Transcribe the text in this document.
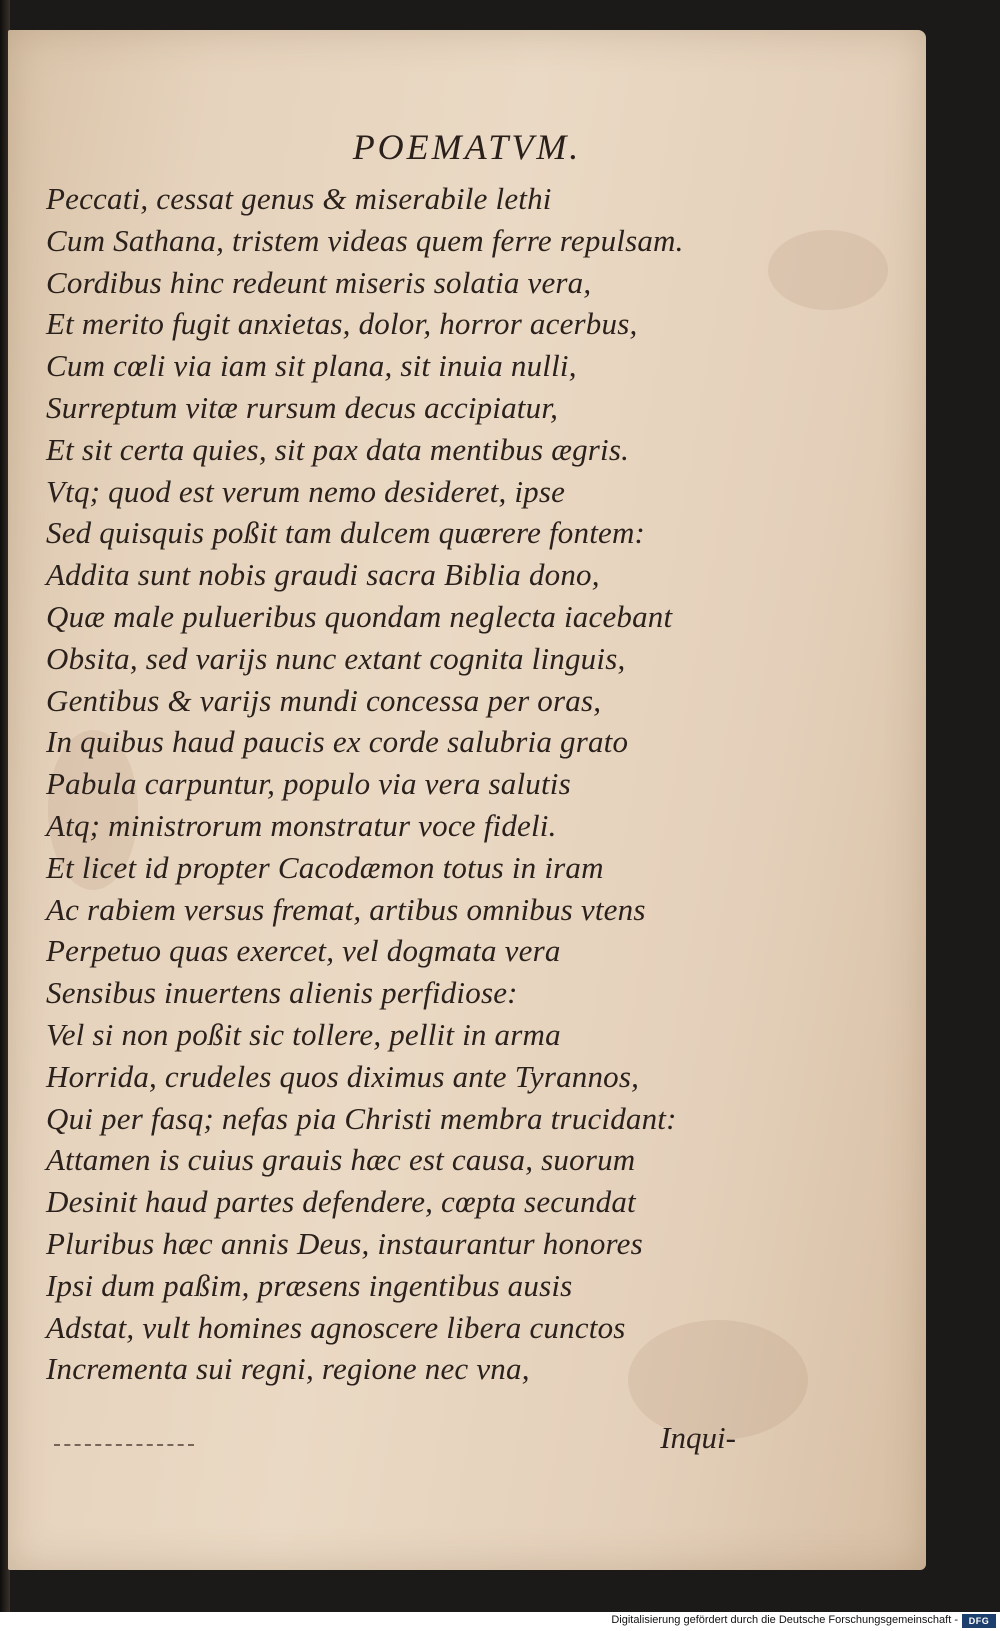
POEMATVM.
Peccati, cessat genus & miserabile lethi
Cum Sathana, tristem videas quem ferre repulsam.
Cordibus hinc redeunt miseris solatia vera,
Et merito fugit anxietas, dolor, horror acerbus,
Cum cœli via iam sit plana, sit inuia nulli,
Surreptum vitæ rursum decus accipiatur,
Et sit certa quies, sit pax data mentibus ægris.
Vtq; quod est verum nemo desideret, ipse
Sed quisquis poßit tam dulcem quærere fontem:
Addita sunt nobis graudi sacra Biblia dono,
Quæ male pulueribus quondam neglecta iacebant
Obsita, sed varijs nunc extant cognita linguis,
Gentibus & varijs mundi concessa per oras,
In quibus haud paucis ex corde salubria grato
Pabula carpuntur, populo via vera salutis
Atq; ministrorum monstratur voce fideli.
Et licet id propter Cacodæmon totus in iram
Ac rabiem versus fremat, artibus omnibus vtens
Perpetuo quas exercet, vel dogmata vera
Sensibus inuertens alienis perfidiose:
Vel si non poßit sic tollere, pellit in arma
Horrida, crudeles quos diximus ante Tyrannos,
Qui per fasq; nefas pia Christi membra trucidant:
Attamen is cuius grauis hæc est causa, suorum
Desinit haud partes defendere, cœpta secundat
Pluribus hæc annis Deus, instaurantur honores
Ipsi dum paßim, præsens ingentibus ausis
Adstat, vult homines agnoscere libera cunctos
Incrementa sui regni, regione nec vna,
Inqui-
Digitalisierung gefördert durch die Deutsche Forschungsgemeinschaft -	DFG
